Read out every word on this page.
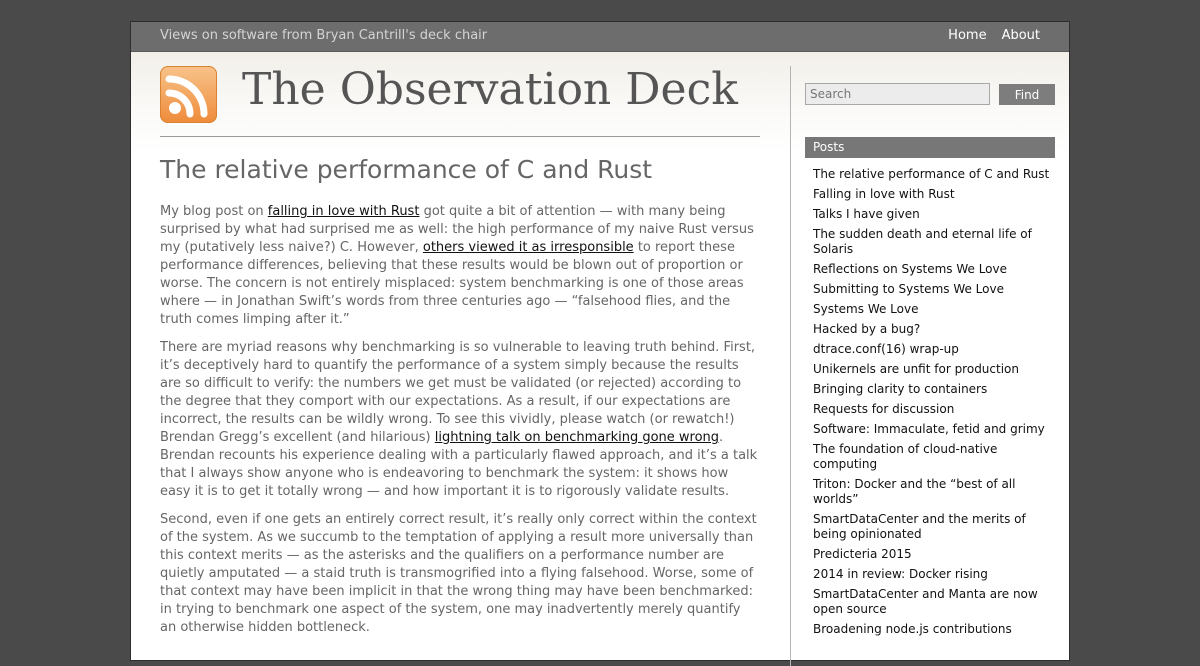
Views on software from Bryan Cantrill's deck chair	Home About
The Observation Deck
The relative performance of C and Rust

My blog post on falling in love with Rust got quite a bit of attention — with many being surprised by what had surprised me as well: the high performance of my naive Rust versus my (putatively less naive?) C. However, others viewed it as irresponsible to report these performance differences, believing that these results would be blown out of proportion or worse. The concern is not entirely misplaced: system benchmarking is one of those areas where — in Jonathan Swift’s words from three centuries ago — “falsehood flies, and the truth comes limping after it.”

There are myriad reasons why benchmarking is so vulnerable to leaving truth behind. First, it’s deceptively hard to quantify the performance of a system simply because the results are so difficult to verify: the numbers we get must be validated (or rejected) according to the degree that they comport with our expectations. As a result, if our expectations are incorrect, the results can be wildly wrong. To see this vividly, please watch (or rewatch!) Brendan Gregg’s excellent (and hilarious) lightning talk on benchmarking gone wrong. Brendan recounts his experience dealing with a particularly flawed approach, and it’s a talk that I always show anyone who is endeavoring to benchmark the system: it shows how easy it is to get it totally wrong — and how important it is to rigorously validate results.

Second, even if one gets an entirely correct result, it’s really only correct within the context of the system. As we succumb to the temptation of applying a result more universally than this context merits — as the asterisks and the qualifiers on a performance number are quietly amputated — a staid truth is transmogrified into a flying falsehood. Worse, some of that context may have been implicit in that the wrong thing may have been benchmarked: in trying to benchmark one aspect of the system, one may inadvertently merely quantify an otherwise hidden bottleneck.

Search
Find
Posts
The relative performance of C and Rust
Falling in love with Rust
Talks I have given
The sudden death and eternal life of Solaris
Reflections on Systems We Love
Submitting to Systems We Love
Systems We Love
Hacked by a bug?
dtrace.conf(16) wrap-up
Unikernels are unfit for production
Bringing clarity to containers
Requests for discussion
Software: Immaculate, fetid and grimy
The foundation of cloud-native computing
Triton: Docker and the “best of all worlds”
SmartDataCenter and the merits of being opinionated
Predicteria 2015
2014 in review: Docker rising
SmartDataCenter and Manta are now open source
Broadening node.js contributions
